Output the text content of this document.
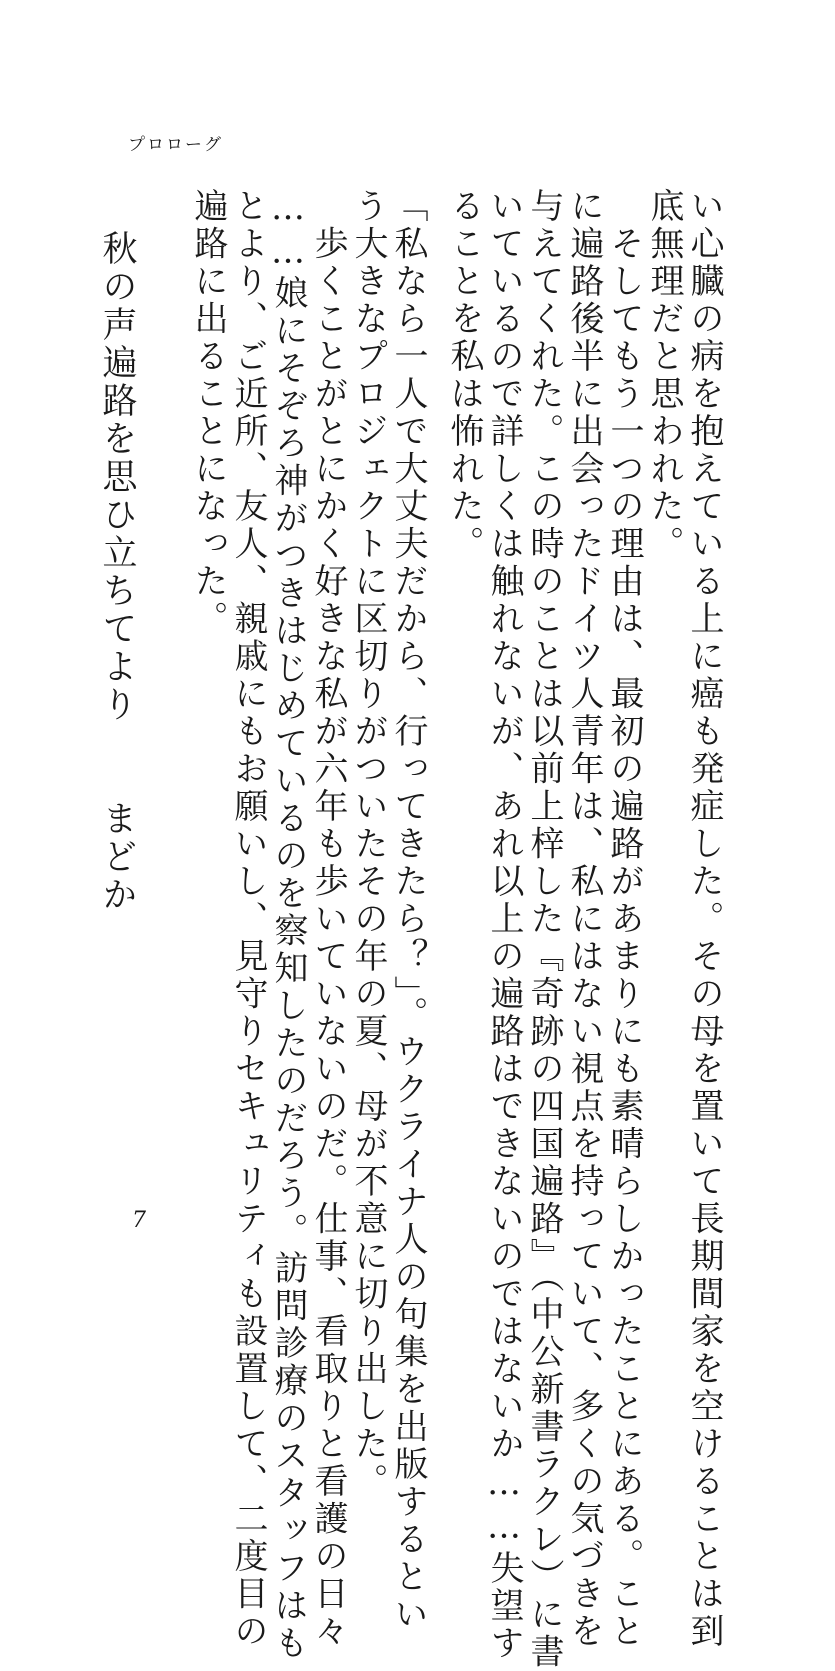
プロローグ
い心臓の病を抱えている上に癌も発症した。その母を置いて長期間家を空けることは到
底無理だと思われた。
　そしてもう一つの理由は、最初の遍路があまりにも素晴らしかったことにある。こと
に遍路後半に出会ったドイツ人青年は、私にはない視点を持っていて、多くの気づきを
与えてくれた。この時のことは以前上梓した『奇跡の四国遍路』（中公新書ラクレ）に書
いているので詳しくは触れないが、あれ以上の遍路はできないのではないか……失望す
ることを私は怖れた。
「私なら一人で大丈夫だから、行ってきたら？」。ウクライナ人の句集を出版するとい
う大きなプロジェクトに区切りがついたその年の夏、母が不意に切り出した。
　歩くことがとにかく好きな私が六年も歩いていないのだ。仕事、看取りと看護の日々
……娘にそぞろ神がつきはじめているのを察知したのだろう。訪問診療のスタッフはも
とより、ご近所、友人、親戚にもお願いし、見守りセキュリティも設置して、二度目の
遍路に出ることになった。
秋の声遍路を思ひ立ちてより　　まどか
7
